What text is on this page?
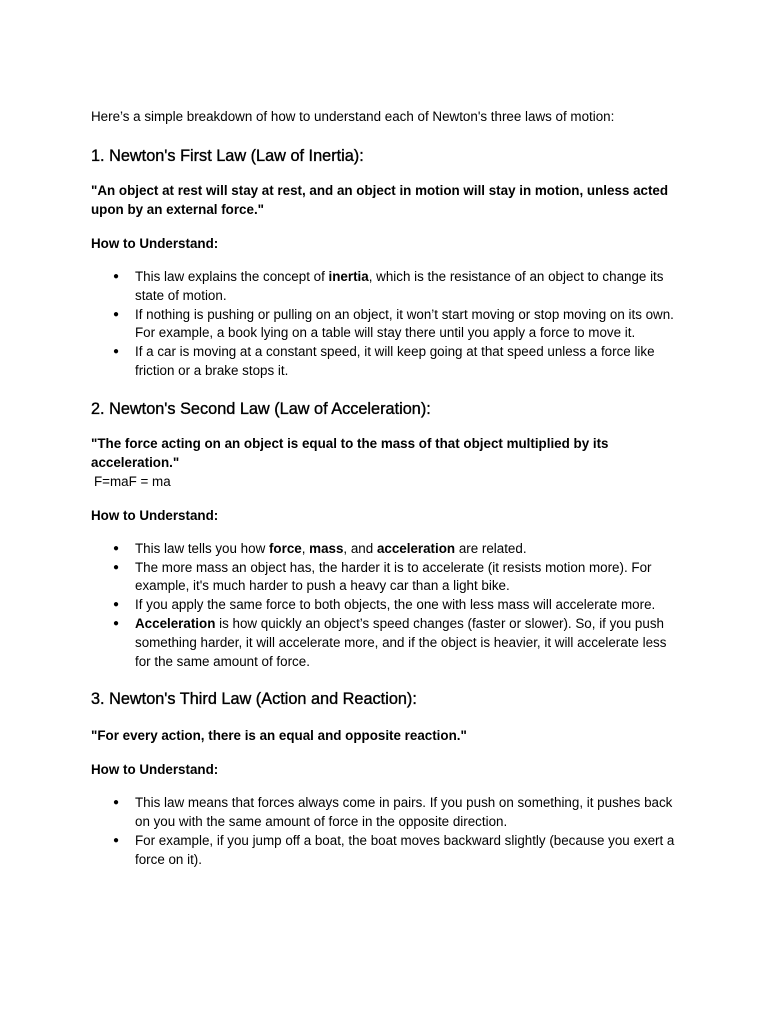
Here’s a simple breakdown of how to understand each of Newton's three laws of motion:

1. Newton's First Law (Law of Inertia):

"An object at rest will stay at rest, and an object in motion will stay in motion, unless acted upon by an external force."

How to Understand:

● This law explains the concept of inertia, which is the resistance of an object to change its state of motion.
● If nothing is pushing or pulling on an object, it won’t start moving or stop moving on its own. For example, a book lying on a table will stay there until you apply a force to move it.
● If a car is moving at a constant speed, it will keep going at that speed unless a force like friction or a brake stops it.
2. Newton's Second Law (Law of Acceleration):

"The force acting on an object is equal to the mass of that object multiplied by its acceleration."

F=maF = ma

How to Understand:

● This law tells you how force, mass, and acceleration are related.
● The more mass an object has, the harder it is to accelerate (it resists motion more). For example, it's much harder to push a heavy car than a light bike.
● If you apply the same force to both objects, the one with less mass will accelerate more.
● Acceleration is how quickly an object’s speed changes (faster or slower). So, if you push something harder, it will accelerate more, and if the object is heavier, it will accelerate less for the same amount of force.
3. Newton's Third Law (Action and Reaction):

"For every action, there is an equal and opposite reaction."

How to Understand:

● This law means that forces always come in pairs. If you push on something, it pushes back on you with the same amount of force in the opposite direction.
● For example, if you jump off a boat, the boat moves backward slightly (because you exert a force on it).
